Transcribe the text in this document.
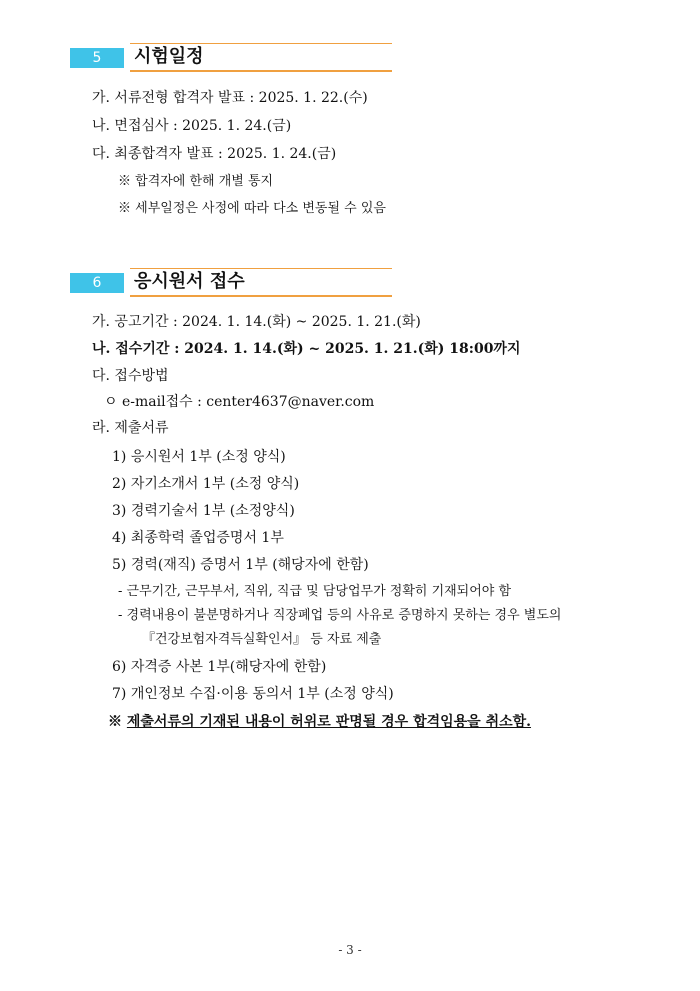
5	시험일정
가. 서류전형 합격자 발표 : 2025. 1. 22.(수)
나. 면접심사 : 2025. 1. 24.(금)
다. 최종합격자 발표 : 2025. 1. 24.(금)
※ 합격자에 한해 개별 통지
※ 세부일정은 사정에 따라 다소 변동될 수 있음
6	응시원서 접수
가. 공고기간 : 2024. 1. 14.(화) ~ 2025. 1. 21.(화)
나. 접수기간 : 2024. 1. 14.(화) ~ 2025. 1. 21.(화) 18:00까지
다. 접수방법
ㅇ e-mail접수 : center4637@naver.com
라. 제출서류
1) 응시원서 1부 (소정 양식)
2) 자기소개서 1부 (소정 양식)
3) 경력기술서 1부 (소정양식)
4) 최종학력 졸업증명서 1부
5) 경력(재직) 증명서 1부 (해당자에 한함)
- 근무기간, 근무부서, 직위, 직급 및 담당업무가 정확히 기재되어야 함
- 경력내용이 불분명하거나 직장폐업 등의 사유로 증명하지 못하는 경우 별도의
『건강보험자격득실확인서』 등 자료 제출
6) 자격증 사본 1부(해당자에 한함)
7) 개인정보 수집·이용 동의서 1부 (소정 양식)
※ 제출서류의 기재된 내용이 허위로 판명될 경우 합격임용을 취소함.
- 3 -
